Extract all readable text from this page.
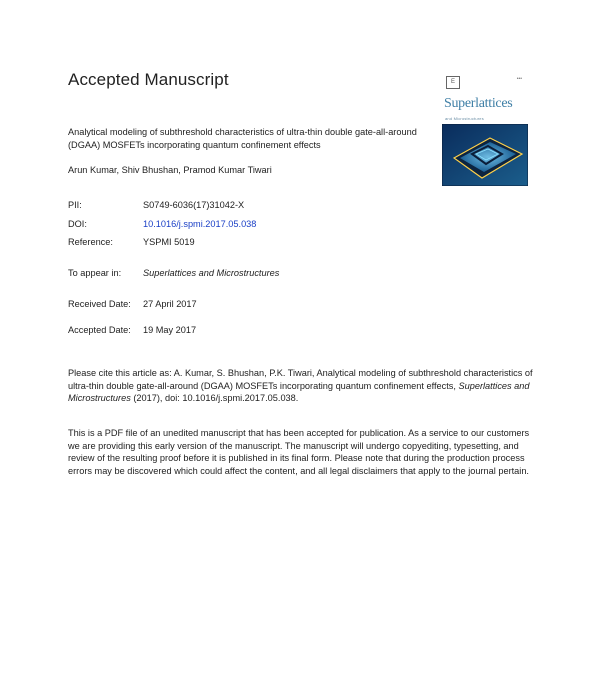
Accepted Manuscript	E	•••
Superlattices
and Microstructures
Analytical modeling of subthreshold characteristics of ultra-thin double gate-all-around (DGAA) MOSFETs incorporating quantum confinement effects
Arun Kumar, Shiv Bhushan, Pramod Kumar Tiwari
PII:	S0749-6036(17)31042-X
DOI:	10.1016/j.spmi.2017.05.038
Reference:	YSPMI 5019
To appear in: Superlattices and Microstructures
Received Date: 27 April 2017
Accepted Date: 19 May 2017
Please cite this article as: A. Kumar, S. Bhushan, P.K. Tiwari, Analytical modeling of subthreshold characteristics of ultra-thin double gate-all-around (DGAA) MOSFETs incorporating quantum confinement effects, Superlattices and Microstructures (2017), doi: 10.1016/j.spmi.2017.05.038.
This is a PDF file of an unedited manuscript that has been accepted for publication. As a service to our customers we are providing this early version of the manuscript. The manuscript will undergo copyediting, typesetting, and review of the resulting proof before it is published in its final form. Please note that during the production process errors may be discovered which could affect the content, and all legal disclaimers that apply to the journal pertain.
